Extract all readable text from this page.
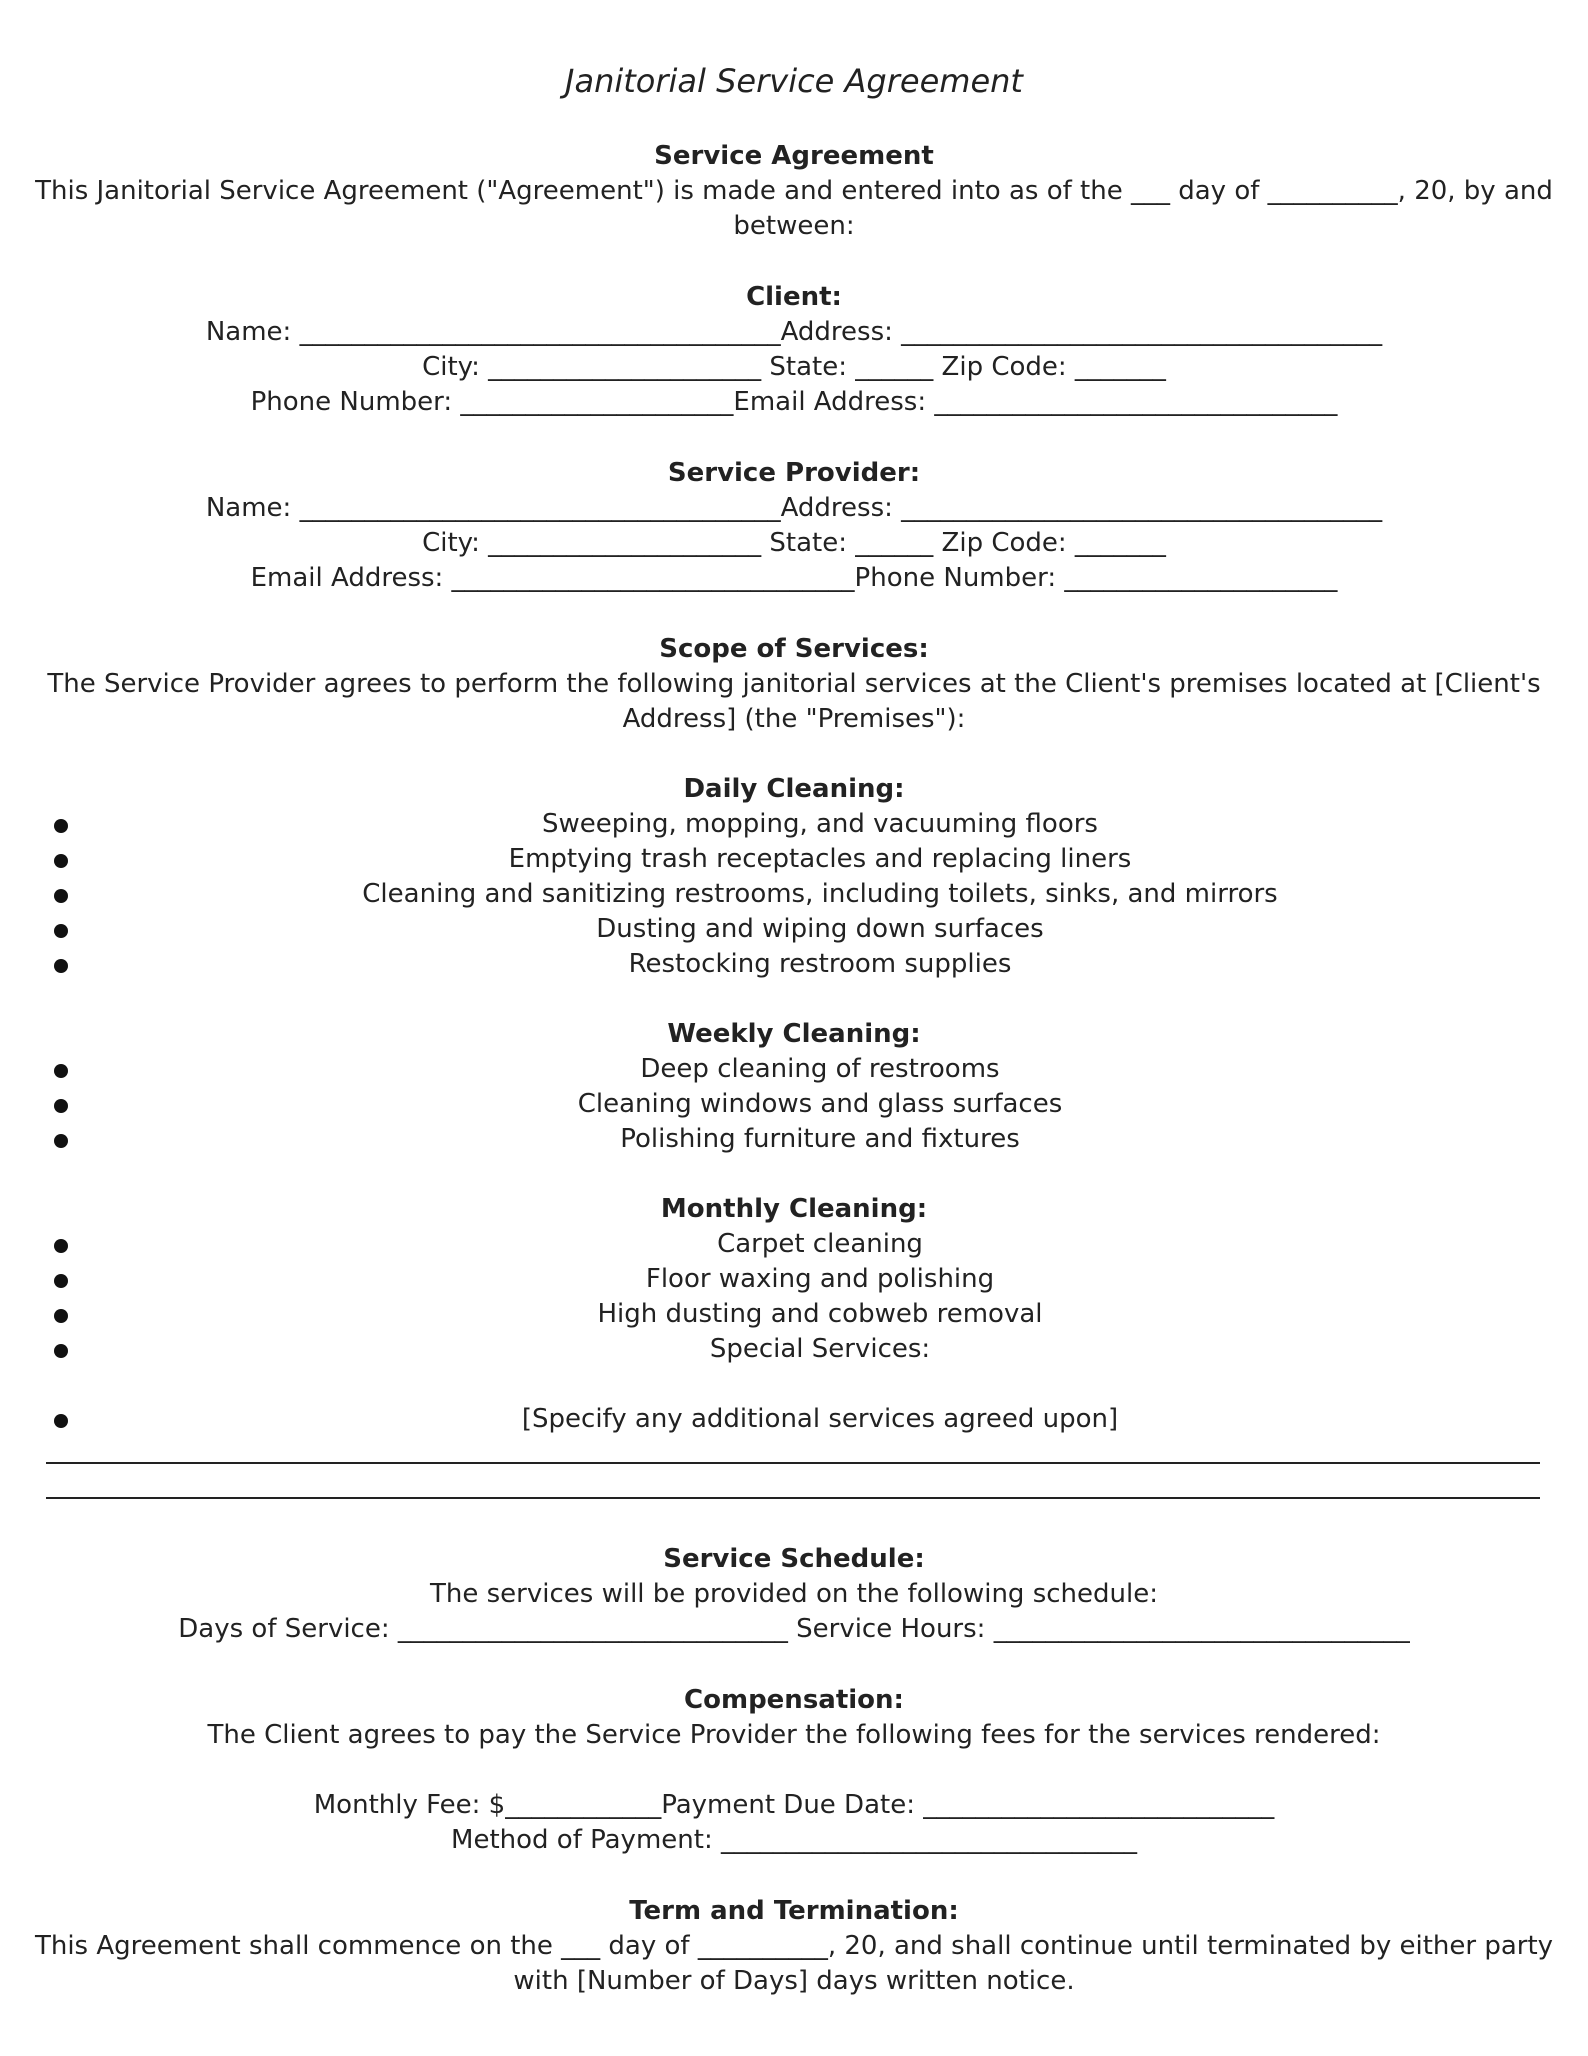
Janitorial Service Agreement
Service Agreement
This Janitorial Service Agreement ("Agreement") is made and entered into as of the ___ day of __________, 20, by and
between:
Client:
Name: _____________________________________Address: _____________________________________
City: _____________________ State: ______ Zip Code: _______
Phone Number: _____________________Email Address: _______________________________
Service Provider:
Name: _____________________________________Address: _____________________________________
City: _____________________ State: ______ Zip Code: _______
Email Address: _______________________________Phone Number: _____________________
Scope of Services:
The Service Provider agrees to perform the following janitorial services at the Client's premises located at [Client's
Address] (the "Premises"):
Daily Cleaning:
Sweeping, mopping, and vacuuming floors
Emptying trash receptacles and replacing liners
Cleaning and sanitizing restrooms, including toilets, sinks, and mirrors
Dusting and wiping down surfaces
Restocking restroom supplies
Weekly Cleaning:
Deep cleaning of restrooms
Cleaning windows and glass surfaces
Polishing furniture and fixtures
Monthly Cleaning:
Carpet cleaning
Floor waxing and polishing
High dusting and cobweb removal
Special Services:
[Specify any additional services agreed upon]
Service Schedule:
The services will be provided on the following schedule:
Days of Service: ______________________________ Service Hours: ________________________________
Compensation:
The Client agrees to pay the Service Provider the following fees for the services rendered:
Monthly Fee: $____________Payment Due Date: ___________________________
Method of Payment: ________________________________
Term and Termination:
This Agreement shall commence on the ___ day of __________, 20, and shall continue until terminated by either party
with [Number of Days] days written notice.
